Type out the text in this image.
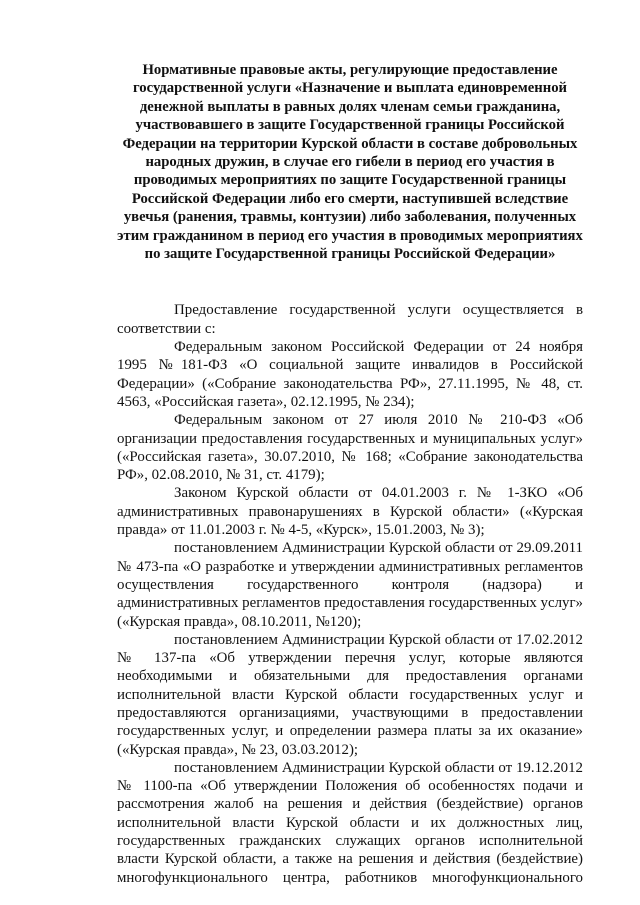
Нормативные правовые акты, регулирующие предоставление
государственной услуги «Назначение и выплата единовременной
денежной выплаты в равных долях членам семьи гражданина,
участвовавшего в защите Государственной границы Российской
Федерации на территории Курской области в составе добровольных
народных дружин, в случае его гибели в период его участия в
проводимых мероприятиях по защите Государственной границы
Российской Федерации либо его смерти, наступившей вследствие
увечья (ранения, травмы, контузии) либо заболевания, полученных
этим гражданином в период его участия в проводимых мероприятиях
по защите Государственной границы Российской Федерации»

Предоставление государственной услуги осуществляется в соответствии с:

Федеральным законом Российской Федерации от 24 ноября 1995 №181-ФЗ «О социальной защите инвалидов в Российской Федерации» («Собрание законодательства РФ», 27.11.1995, № 48, ст. 4563, «Российская газета», 02.12.1995, № 234);

Федеральным законом от 27 июля 2010 № 210-ФЗ «Об организации предоставления государственных и муниципальных услуг» («Российская газета», 30.07.2010, № 168; «Собрание законодательства РФ», 02.08.2010, № 31, ст. 4179);

Законом Курской области от 04.01.2003 г. № 1-ЗКО «Об административных правонарушениях в Курской области» («Курская правда» от 11.01.2003 г. № 4-5, «Курск», 15.01.2003, № 3);

постановлением Администрации Курской области от 29.09.2011 № 473-па «О разработке и утверждении административных регламентов осуществления государственного контроля (надзора) и административных регламентов предоставления государственных услуг» («Курская правда», 08.10.2011, №120);

постановлением Администрации Курской области от 17.02.2012 № 137-па «Об утверждении перечня услуг, которые являются необходимыми и обязательными для предоставления органами исполнительной власти Курской области государственных услуг и предоставляются организациями, участвующими в предоставлении государственных услуг, и определении размера платы за их оказание» («Курская правда», № 23, 03.03.2012);

постановлением Администрации Курской области от 19.12.2012 № 1100-па «Об утверждении Положения об особенностях подачи и рассмотрения жалоб на решения и действия (бездействие) органов исполнительной власти Курской области и их должностных лиц, государственных гражданских служащих органов исполнительной власти Курской области, а также на решения и действия (бездействие) многофункционального центра, работников многофункционального
